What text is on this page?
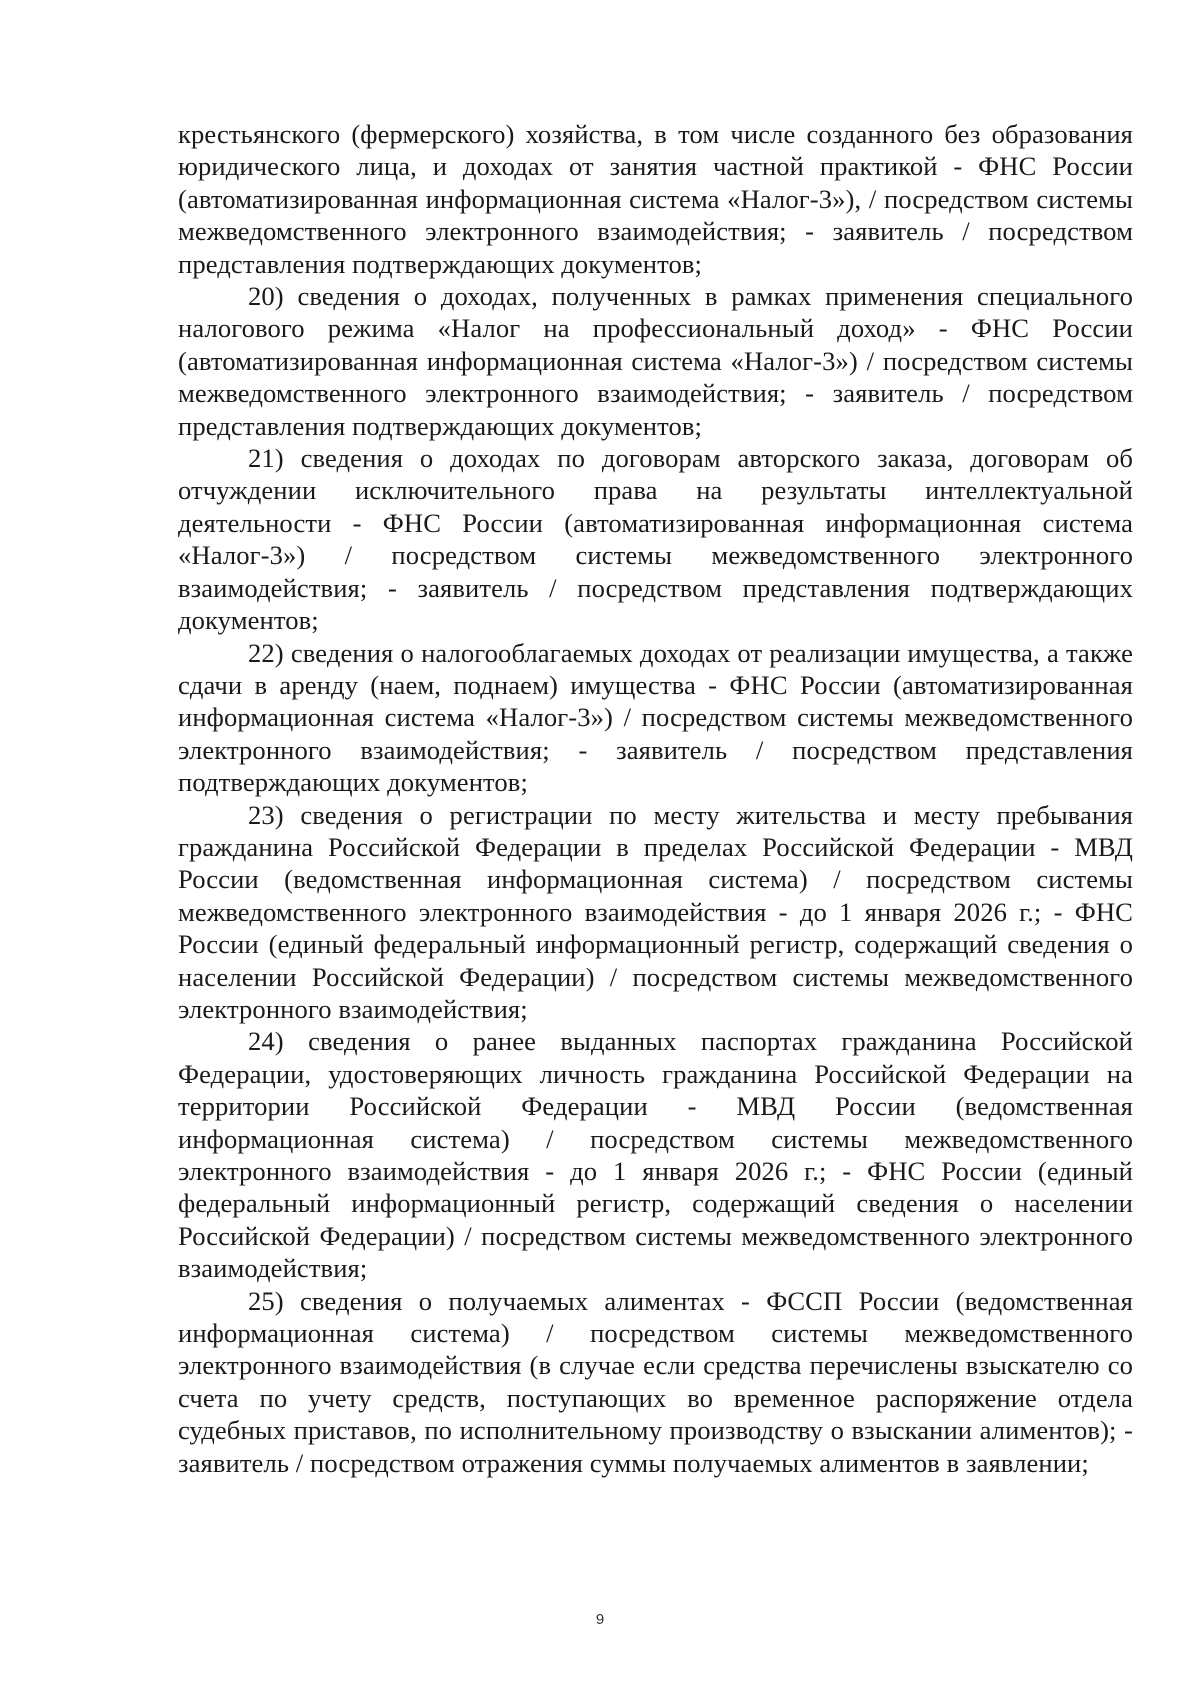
крестьянского (фермерского) хозяйства, в том числе созданного без образования юридического лица, и доходах от занятия частной практикой - ФНС России (автоматизированная информационная система «Налог-3»), / посредством системы межведомственного электронного взаимодействия; - заявитель / посредством представления подтверждающих документов;

20) сведения о доходах, полученных в рамках применения специального налогового режима «Налог на профессиональный доход» - ФНС России (автоматизированная информационная система «Налог-3») / посредством системы межведомственного электронного взаимодействия; - заявитель / посредством представления подтверждающих документов;

21) сведения о доходах по договорам авторского заказа, договорам об отчуждении исключительного права на результаты интеллектуальной деятельности - ФНС России (автоматизированная информационная система «Налог-3») / посредством системы межведомственного электронного взаимодействия; - заявитель / посредством представления подтверждающих документов;

22) сведения о налогооблагаемых доходах от реализации имущества, а также сдачи в аренду (наем, поднаем) имущества - ФНС России (автоматизированная информационная система «Налог-3») / посредством системы межведомственного электронного взаимодействия; - заявитель / посредством представления подтверждающих документов;

23) сведения о регистрации по месту жительства и месту пребывания гражданина Российской Федерации в пределах Российской Федерации - МВД России (ведомственная информационная система) / посредством системы межведомственного электронного взаимодействия - до 1 января 2026 г.; - ФНС России (единый федеральный информационный регистр, содержащий сведения о населении Российской Федерации) / посредством системы межведомственного электронного взаимодействия;

24) сведения о ранее выданных паспортах гражданина Российской Федерации, удостоверяющих личность гражданина Российской Федерации на территории Российской Федерации - МВД России (ведомственная информационная система) / посредством системы межведомственного электронного взаимодействия - до 1 января 2026 г.; - ФНС России (единый федеральный информационный регистр, содержащий сведения о населении Российской Федерации) / посредством системы межведомственного электронного взаимодействия;

25) сведения о получаемых алиментах - ФССП России (ведомственная информационная система) / посредством системы межведомственного электронного взаимодействия (в случае если средства перечислены взыскателю со счета по учету средств, поступающих во временное распоряжение отдела судебных приставов, по исполнительному производству о взыскании алиментов); - заявитель / посредством отражения суммы получаемых алиментов в заявлении;

9
